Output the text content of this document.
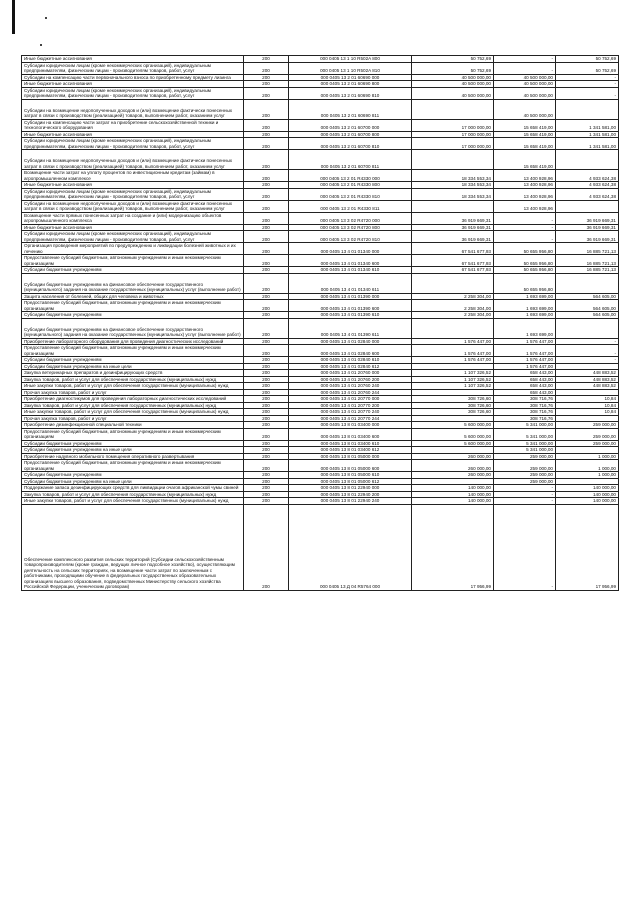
Иные бюджетные ассигнования	200	000 0405 13 1 10 R502A 800	50 752,69	-	50 752,69
Субсидии юридическим лицам (кроме некоммерческих организаций), индивидуальным предпринимателям, физическим лицам - производителям товаров, работ, услуг	200	000 0405 13 1 10 R502A 810	50 752,69	-	50 752,69
Субсидии на компенсацию части первоначального взноса по приобретенному предмету лизинга	200	000 0405 13 2 01 60690 000	40 500 000,00	40 500 000,00	-
Иные бюджетные ассигнования	200	000 0405 13 2 01 60690 800	40 500 000,00	40 500 000,00	-
Субсидии юридическим лицам (кроме некоммерческих организаций), индивидуальным предпринимателям, физическим лицам - производителям товаров, работ, услуг	200	000 0405 13 2 01 60690 810	40 500 000,00	40 500 000,00	-
Субсидии на возмещение недополученных доходов и (или) возмещение фактически понесенных затрат в связи с производством (реализацией) товаров, выполнением работ, оказанием услуг	200	000 0405 13 2 01 60690 811		40 500 000,00	
Субсидии на компенсацию части затрат на приобретение сельскохозяйственной техники и технологического оборудования	200	000 0405 13 2 01 60700 000	17 000 000,00	15 658 419,00	1 341 581,00
Иные бюджетные ассигнования	200	000 0405 13 2 01 60700 800	17 000 000,00	15 658 419,00	1 341 581,00
Субсидии юридическим лицам (кроме некоммерческих организаций), индивидуальным предпринимателям, физическим лицам - производителям товаров, работ, услуг	200	000 0405 13 2 01 60700 810	17 000 000,00	15 658 419,00	1 341 581,00
Субсидии на возмещение недополученных доходов и (или) возмещение фактически понесенных затрат в связи с производством (реализацией) товаров, выполнением работ, оказанием услуг	200	000 0405 13 2 01 60700 811		15 658 419,00	
Возмещение части затрат на уплату процентов по инвестиционным кредитам (займам) в агропромышленном комплексе	200	000 0405 13 2 01 R4330 000	18 334 553,34	13 400 928,96	4 933 624,38
Иные бюджетные ассигнования	200	000 0405 13 2 01 R4330 800	18 334 553,34	13 400 928,96	4 933 624,38
Субсидии юридическим лицам (кроме некоммерческих организаций), индивидуальным предпринимателям, физическим лицам - производителям товаров, работ, услуг	200	000 0405 13 2 01 R4330 810	18 334 553,34	13 400 928,96	4 933 624,38
Субсидии на возмещение недополученных доходов и (или) возмещение фактически понесенных затрат в связи с производством (реализацией) товаров, выполнением работ, оказанием услуг	200	000 0405 13 2 01 R4330 811		13 400 928,96	
Возмещение части прямых понесенных затрат на создание и (или) модернизацию объектов агропромышленного комплекса	200	000 0405 13 3 02 R4720 000	36 919 669,31	-	36 919 669,31
Иные бюджетные ассигнования	200	000 0405 13 3 02 R4720 800	36 919 669,31	-	36 919 669,31
Субсидии юридическим лицам (кроме некоммерческих организаций), индивидуальным предпринимателям, физическим лицам - производителям товаров, работ, услуг	200	000 0405 13 3 02 R4720 810	36 919 669,31	-	36 919 669,31
Организация проведения мероприятий по предупреждению и ликвидации болезней животных и их лечению	200	000 0405 13 4 01 01340 000	67 541 677,93	50 655 956,80	16 885 721,13
Предоставление субсидий бюджетным, автономным учреждениям и иным некоммерческим организациям	200	000 0405 13 4 01 01340 600	67 541 677,93	50 655 956,80	16 885 721,13
Субсидии бюджетным учреждениям	200	000 0405 13 4 01 01340 610	67 541 677,93	50 655 956,80	16 885 721,13
Субсидии бюджетным учреждениям на финансовое обеспечение государственного (муниципального) задания на оказание государственных (муниципальных) услуг (выполнение работ)	200	000 0405 13 4 01 01340 611		50 655 956,80	
Защита населения от болезней, общих для человека и животных	200	000 0405 13 4 01 01390 000	2 258 304,00	1 693 699,00	564 605,00
Предоставление субсидий бюджетным, автономным учреждениям и иным некоммерческим организациям	200	000 0405 13 4 01 01390 600	2 258 304,00	1 693 699,00	564 605,00
Субсидии бюджетным учреждениям	200	000 0405 13 4 01 01390 610	2 258 304,00	1 693 699,00	564 605,00
Субсидии бюджетным учреждениям на финансовое обеспечение государственного (муниципального) задания на оказание государственных (муниципальных) услуг (выполнение работ)	200	000 0405 13 4 01 01390 611		1 693 699,00	
Приобретение лабораторного оборудования для проведения диагностических исследований	200	000 0405 13 4 01 02840 000	1 576 447,00	1 576 447,00	-
Предоставление субсидий бюджетным, автономным учреждениям и иным некоммерческим организациям	200	000 0405 13 4 01 02840 600	1 576 447,00	1 576 447,00	-
Субсидии бюджетным учреждениям	200	000 0405 13 4 01 02840 610	1 576 447,00	1 576 447,00	-
Субсидии бюджетным учреждениям на иные цели	200	000 0405 13 4 01 02840 612		1 576 447,00	
Закупка ветеринарных препаратов и дезинфицирующих средств	200	000 0405 13 4 01 20760 000	1 107 326,52	658 443,00	448 883,52
Закупка товаров, работ и услуг для обеспечения государственных (муниципальных) нужд	200	000 0405 13 4 01 20760 200	1 107 326,52	658 443,00	448 883,52
Иные закупки товаров, работ и услуг для обеспечения государственных (муниципальных) нужд	200	000 0405 13 4 01 20760 240	1 107 326,52	658 443,00	448 883,52
Прочая закупка товаров, работ и услуг	200	000 0405 13 4 01 20760 244		658 443,00	
Приобретение диагностикумов для проведения лабораторных диагностических исследований	200	000 0405 13 4 01 20770 000	308 726,60	308 716,76	10,84
Закупка товаров, работ и услуг для обеспечения государственных (муниципальных) нужд	200	000 0405 13 4 01 20770 200	308 726,60	308 716,76	10,84
Иные закупки товаров, работ и услуг для обеспечения государственных (муниципальных) нужд	200	000 0405 13 4 01 20770 240	308 726,60	308 716,76	10,84
Прочая закупка товаров, работ и услуг	200	000 0405 13 4 01 20770 244		308 716,76	
Приобретение дезинфекционной специальной техники	200	000 0405 13 8 01 03400 000	5 600 000,00	5 341 000,00	259 000,00
Предоставление субсидий бюджетным, автономным учреждениям и иным некоммерческим организациям	200	000 0405 13 8 01 03400 600	5 600 000,00	5 341 000,00	259 000,00
Субсидии бюджетным учреждениям	200	000 0405 13 8 01 03400 610	5 600 000,00	5 341 000,00	259 000,00
Субсидии бюджетным учреждениям на иные цели	200	000 0405 13 8 01 03400 612		5 341 000,00	
Приобретение надувного мобильного помещения оперативного развертывания	200	000 0405 13 8 01 05000 000	260 000,00	259 000,00	1 000,00
Предоставление субсидий бюджетным, автономным учреждениям и иным некоммерческим организациям	200	000 0405 13 8 01 05000 600	260 000,00	259 000,00	1 000,00
Субсидии бюджетным учреждениям	200	000 0405 13 8 01 05000 610	260 000,00	259 000,00	1 000,00
Субсидии бюджетным учреждениям на иные цели	200	000 0405 13 8 01 05000 612		259 000,00	
Поддержание запаса дезинфицирующих средств для ликвидации очагов африканской чумы свиней	200	000 0405 13 8 01 22940 000	140 000,00	-	140 000,00
Закупка товаров, работ и услуг для обеспечения государственных (муниципальных) нужд	200	000 0405 13 8 01 22940 200	140 000,00	-	140 000,00
Иные закупки товаров, работ и услуг для обеспечения государственных (муниципальных) нужд	200	000 0405 13 8 01 22940 240	140 000,00	-	140 000,00
Обеспечение комплексного развития сельских территорий (Субсидии сельскохозяйственным товаропроизводителям (кроме граждан, ведущих личное подсобное хозяйство), осуществляющим деятельность на сельских территориях, на возмещение части затрат по заключенным с работниками, проходящими обучение в федеральных государственных образовательных организациях высшего образования, подведомственных Министерству сельского хозяйства Российской Федерации, ученическим договорам)	200	000 0405 13 Д 04 R5764 000	17 956,99	-	17 956,99
